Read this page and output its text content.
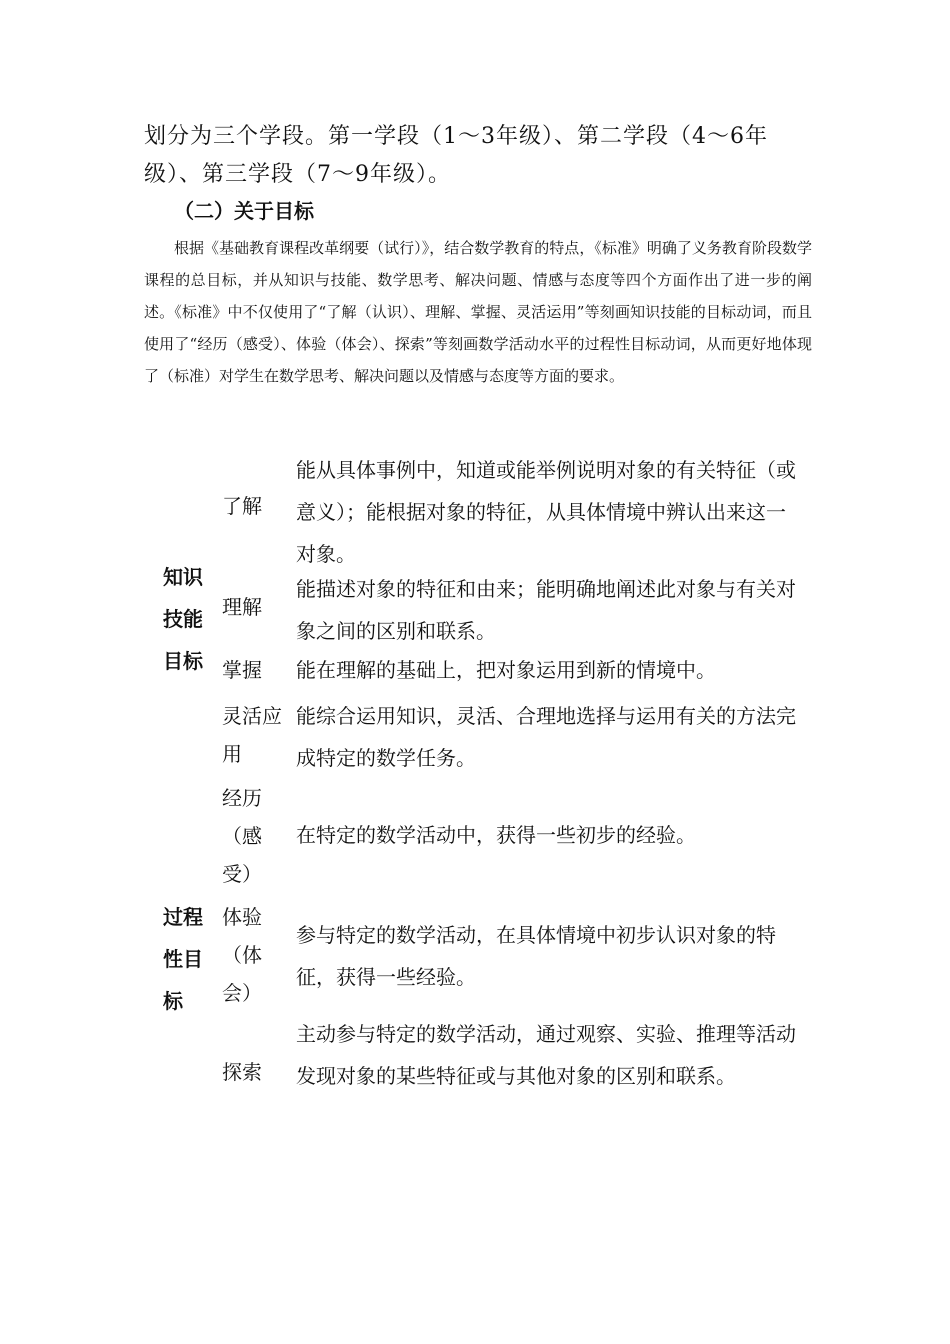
划分为三个学段。第一学段（1～3年级）、第二学段（4～6年级）、第三学段（7～9年级）。
（二）关于目标
根据《基础教育课程改革纲要（试行）》，结合数学教育的特点，《标准》明确了义务教育阶段数学课程的总目标，并从知识与技能、数学思考、解决问题、情感与态度等四个方面作出了进一步的阐述。《标准》中不仅使用了“了解（认识）、理解、掌握、灵活运用”等刻画知识技能的目标动词，而且使用了“经历（感受）、体验（体会）、探索”等刻画数学活动水平的过程性目标动词，从而更好地体现了（标准）对学生在数学思考、解决问题以及情感与态度等方面的要求。
知识技能目标
了解
能从具体事例中，知道或能举例说明对象的有关特征（或意义）；能根据对象的特征，从具体情境中辨认出来这一对象。
理解
能描述对象的特征和由来；能明确地阐述此对象与有关对象之间的区别和联系。
掌握	能在理解的基础上，把对象运用到新的情境中。
灵活应用
能综合运用知识，灵活、合理地选择与运用有关的方法完成特定的数学任务。
过程性目标
经历（感受）
在特定的数学活动中，获得一些初步的经验。
体验（体会）
参与特定的数学活动，在具体情境中初步认识对象的特征，获得一些经验。
探索
主动参与特定的数学活动，通过观察、实验、推理等活动发现对象的某些特征或与其他对象的区别和联系。
